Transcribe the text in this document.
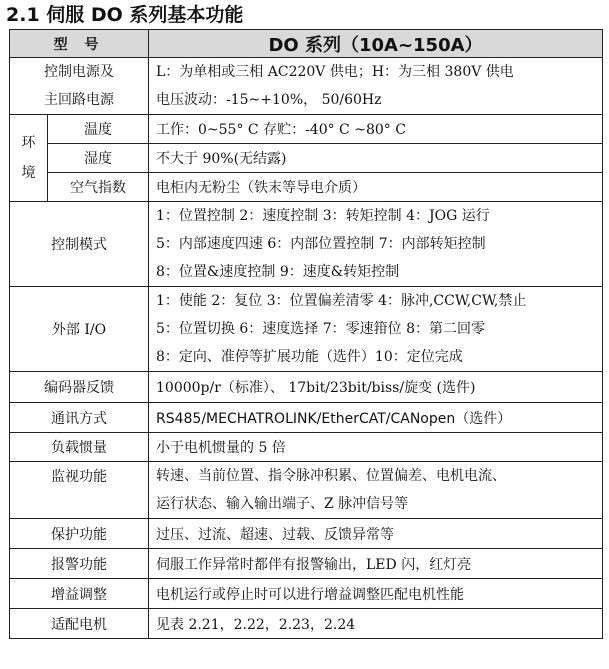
2.1 伺服 DO 系列基本功能
型 号		DO 系列（10A~150A）

控制电源及
主回路电源		L：为单相或三相 AC220V 供电；H：为三相 380V 供电
电压波动：-15~+10%， 50/60Hz

环
境	温度	工作：0~55° C 存贮：-40° C ~80° C
	湿度	不大于 90%(无结露)
	空气指数	电柜内无粉尘（铁末等导电介质）
控制模式		1：位置控制 2：速度控制 3：转矩控制 4：JOG 运行
5：内部速度四速 6：内部位置控制 7：内部转矩控制
8：位置&速度控制 9：速度&转矩控制

外部 I/O		1：使能 2：复位 3：位置偏差清零 4：脉冲,CCW,CW,禁止
5：位置切换 6：速度选择 7：零速箝位 8：第二回零
8：定向、准停等扩展功能（选件）10：定位完成

编码器反馈		10000p/r（标准）、 17bit/23bit/biss/旋变 (选件)
通讯方式		RS485/MECHATROLINK/EtherCAT/CANopen（选件）
负载惯量		小于电机惯量的 5 倍
监视功能		转速、当前位置、指令脉冲积累、位置偏差、电机电流、
运行状态、输入输出端子、Z 脉冲信号等

保护功能		过压、过流、超速、过载、反馈异常等
报警功能		伺服工作异常时都伴有报警输出，LED 闪，红灯亮
增益调整		电机运行或停止时可以进行增益调整匹配电机性能
适配电机		见表 2.21，2.22，2.23，2.24
